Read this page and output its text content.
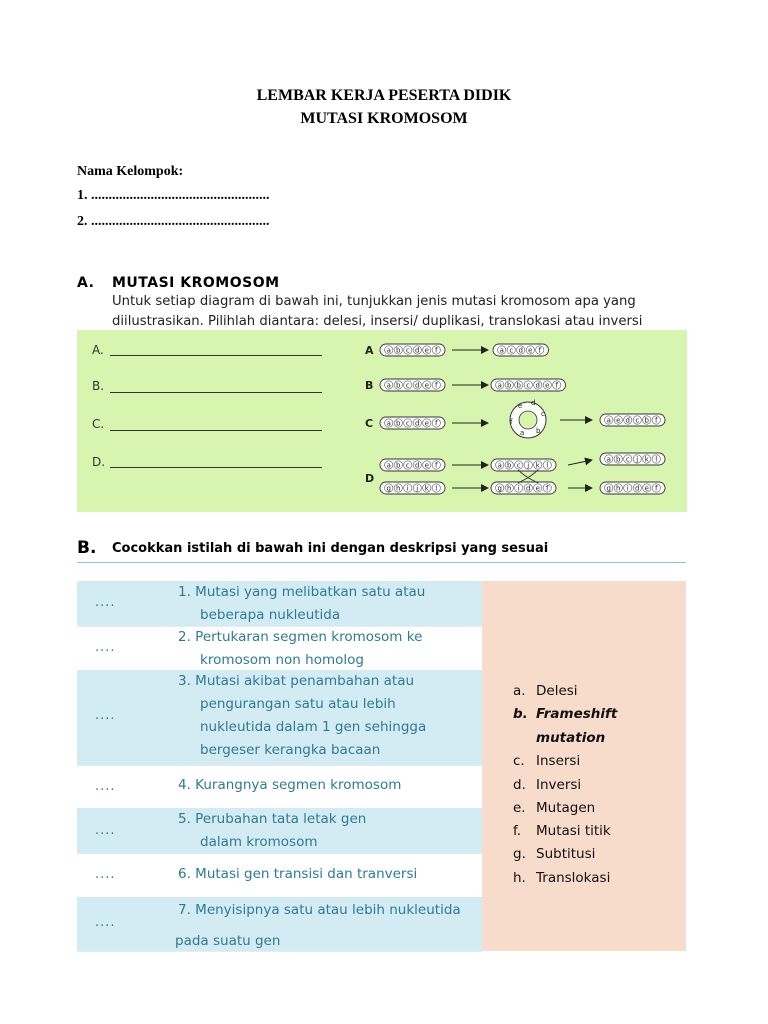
LEMBAR KERJA PESERTA DIDIK
MUTASI KROMOSOM
Nama Kelompok:
1. ...................................................
2. ...................................................
A. MUTASI KROMOSOM
Untuk setiap diagram di bawah ini, tunjukkan jenis mutasi kromosom apa yang
diilustrasikan. Pilihlah diantara: delesi, insersi/ duplikasi, translokasi atau inversi
A.
B.
C.
D.
A
B
C
D
a b c d e f	a c d e f
a b c d e f	a b b c d e f
a b c d e f
e d
c
b
a
f	a e d c b f
a b c d e f
g h i j k l
a b c j k l
g h i d e f
a b c j k l
g h i d e f
B. Cocokkan istilah di bawah ini dengan deskripsi yang sesuai
....
1. Mutasi yang melibatkan satu atau
beberapa nukleutida
....
2. Pertukaran segmen kromosom ke
kromosom non homolog
....
3. Mutasi akibat penambahan atau
pengurangan satu atau lebih
nukleutida dalam 1 gen sehingga
bergeser kerangka bacaan
....	4. Kurangnya segmen kromosom
....
5. Perubahan tata letak gen
dalam kromosom
....	6. Mutasi gen transisi dan tranversi
....
7. Menyisipnya satu atau lebih nukleutida

pada suatu gen
a. Delesi
b. Frameshift
mutation
c. Insersi
d. Inversi
e. Mutagen
f. Mutasi titik
g. Subtitusi
h. Translokasi
